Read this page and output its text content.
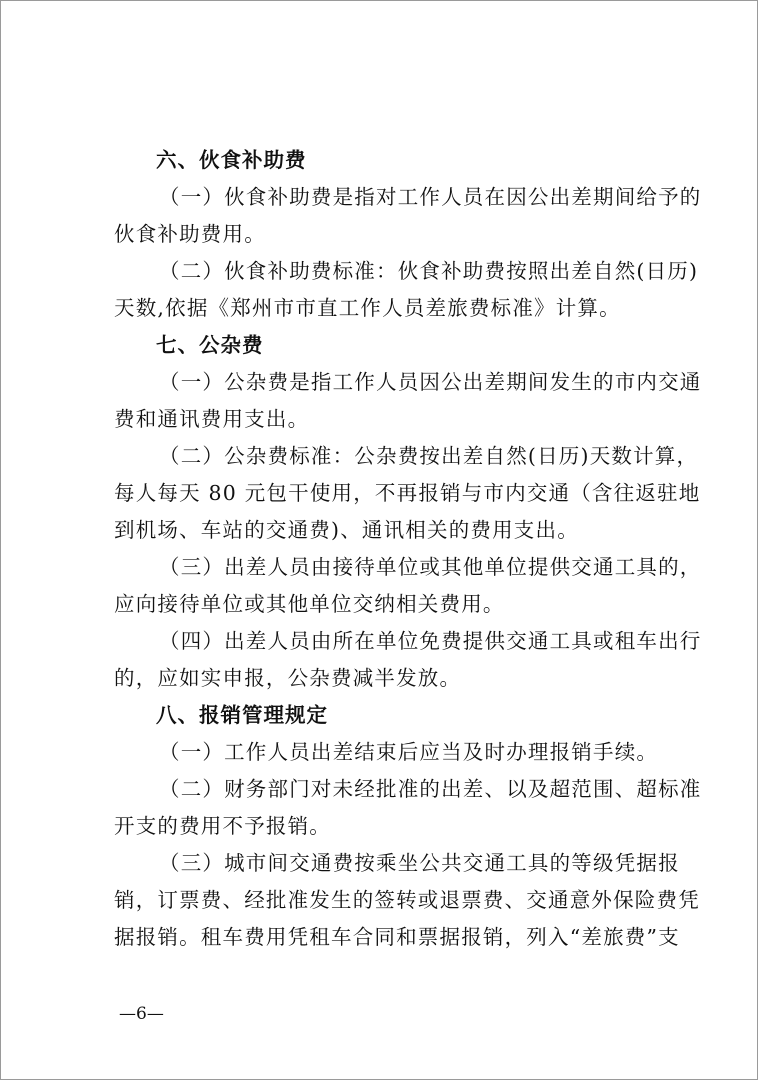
六、伙食补助费
（一）伙食补助费是指对工作人员在因公出差期间给予的
伙食补助费用。
（二）伙食补助费标准：伙食补助费按照出差自然(日历)
天数,依据《郑州市市直工作人员差旅费标准》计算。
七、公杂费
（一）公杂费是指工作人员因公出差期间发生的市内交通
费和通讯费用支出。
（二）公杂费标准：公杂费按出差自然(日历)天数计算，
每人每天 80 元包干使用，不再报销与市内交通（含往返驻地
到机场、车站的交通费)、通讯相关的费用支出。
（三）出差人员由接待单位或其他单位提供交通工具的，
应向接待单位或其他单位交纳相关费用。
（四）出差人员由所在单位免费提供交通工具或租车出行
的，应如实申报，公杂费减半发放。
八、报销管理规定
（一）工作人员出差结束后应当及时办理报销手续。
（二）财务部门对未经批准的出差、以及超范围、超标准
开支的费用不予报销。
（三）城市间交通费按乘坐公共交通工具的等级凭据报
销，订票费、经批准发生的签转或退票费、交通意外保险费凭
据报销。租车费用凭租车合同和票据报销，列入“差旅费”支
—6—
